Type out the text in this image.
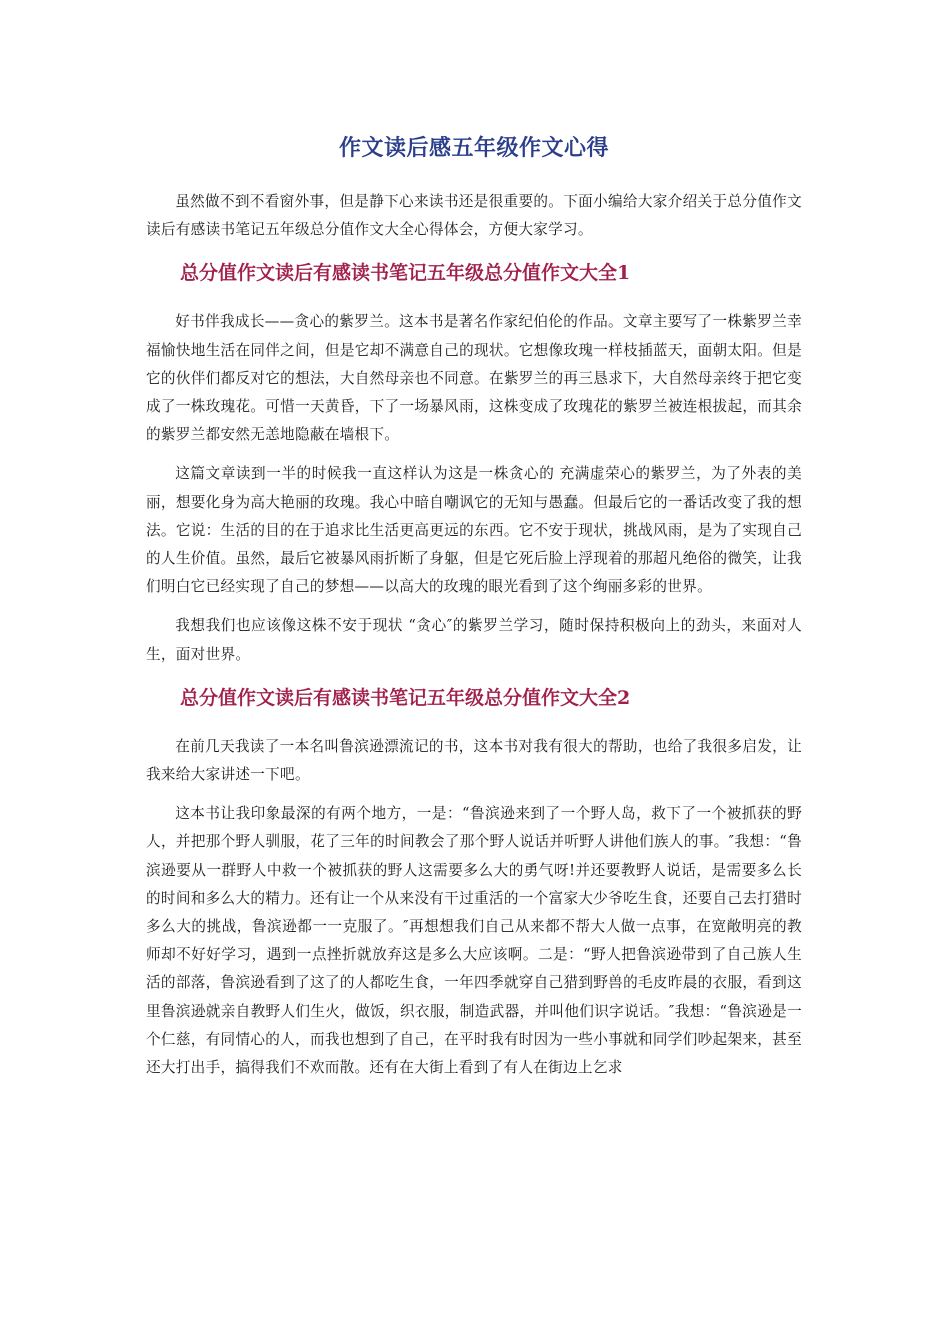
作文读后感五年级作文心得

虽然做不到不看窗外事，但是静下心来读书还是很重要的。下面小编给大家介绍关于总分值作文读后有感读书笔记五年级总分值作文大全心得体会，方便大家学习。

总分值作文读后有感读书笔记五年级总分值作文大全1

好书伴我成长——贪心的紫罗兰。这本书是著名作家纪伯伦的作品。文章主要写了一株紫罗兰幸福愉快地生活在同伴之间，但是它却不满意自己的现状。它想像玫瑰一样枝插蓝天，面朝太阳。但是它的伙伴们都反对它的想法，大自然母亲也不同意。在紫罗兰的再三恳求下，大自然母亲终于把它变成了一株玫瑰花。可惜一天黄昏，下了一场暴风雨，这株变成了玫瑰花的紫罗兰被连根拔起，而其余的紫罗兰都安然无恙地隐蔽在墙根下。

这篇文章读到一半的时候我一直这样认为这是一株贪心的 充满虚荣心的紫罗兰，为了外表的美丽，想要化身为高大艳丽的玫瑰。我心中暗自嘲讽它的无知与愚蠢。但最后它的一番话改变了我的想法。它说：生活的目的在于追求比生活更高更远的东西。它不安于现状，挑战风雨，是为了实现自己的人生价值。虽然，最后它被暴风雨折断了身躯，但是它死后脸上浮现着的那超凡绝俗的微笑，让我们明白它已经实现了自己的梦想——以高大的玫瑰的眼光看到了这个绚丽多彩的世界。

我想我们也应该像这株不安于现状 “贪心″的紫罗兰学习，随时保持积极向上的劲头，来面对人生，面对世界。

总分值作文读后有感读书笔记五年级总分值作文大全2

在前几天我读了一本名叫鲁滨逊漂流记的书，这本书对我有很大的帮助，也给了我很多启发，让我来给大家讲述一下吧。

这本书让我印象最深的有两个地方，一是：“鲁滨逊来到了一个野人岛，救下了一个被抓获的野人，并把那个野人驯服，花了三年的时间教会了那个野人说话并听野人讲他们族人的事。″我想：“鲁滨逊要从一群野人中救一个被抓获的野人这需要多么大的勇气呀!并还要教野人说话，是需要多么长的时间和多么大的精力。还有让一个从来没有干过重活的一个富家大少爷吃生食，还要自己去打猎时多么大的挑战，鲁滨逊都一一克服了。″再想想我们自己从来都不帮大人做一点事，在宽敞明亮的教师却不好好学习，遇到一点挫折就放弃这是多么大应该啊。二是：“野人把鲁滨逊带到了自己族人生活的部落，鲁滨逊看到了这了的人都吃生食，一年四季就穿自己猎到野兽的毛皮昨晨的衣服，看到这里鲁滨逊就亲自教野人们生火，做饭，织衣服，制造武器，并叫他们识字说话。″我想：“鲁滨逊是一个仁慈，有同情心的人，而我也想到了自己，在平时我有时因为一些小事就和同学们吵起架来，甚至还大打出手，搞得我们不欢而散。还有在大街上看到了有人在街边上乞求
